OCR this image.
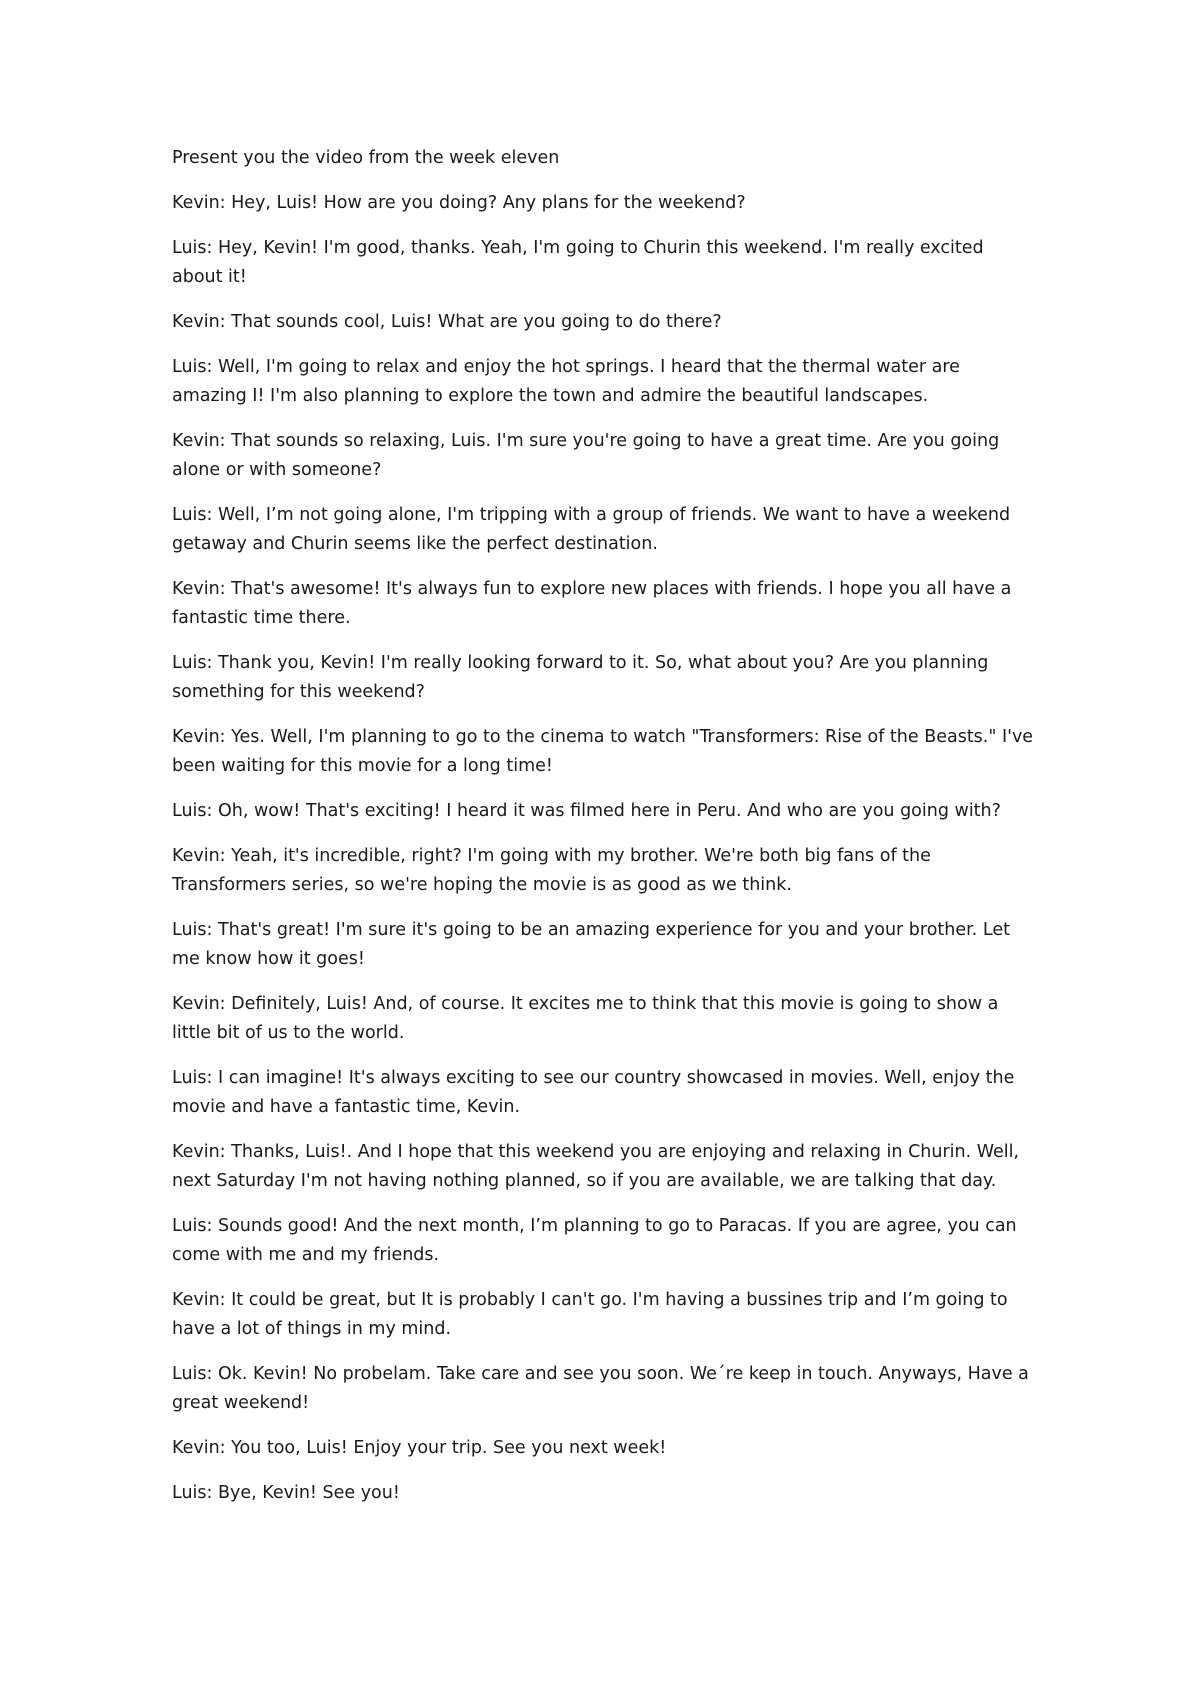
Present you the video from the week eleven

Kevin: Hey, Luis! How are you doing? Any plans for the weekend?

Luis: Hey, Kevin! I'm good, thanks. Yeah, I'm going to Churin this weekend. I'm really excited about it!

Kevin: That sounds cool, Luis! What are you going to do there?

Luis: Well, I'm going to relax and enjoy the hot springs. I heard that the thermal water are amazing I! I'm also planning to explore the town and admire the beautiful landscapes.

Kevin: That sounds so relaxing, Luis. I'm sure you're going to have a great time. Are you going alone or with someone?

Luis: Well, I’m not going alone, I'm tripping with a group of friends. We want to have a weekend getaway and Churin seems like the perfect destination.

Kevin: That's awesome! It's always fun to explore new places with friends. I hope you all have a fantastic time there.

Luis: Thank you, Kevin! I'm really looking forward to it. So, what about you? Are you planning something for this weekend?

Kevin: Yes. Well, I'm planning to go to the cinema to watch "Transformers: Rise of the Beasts." I've been waiting for this movie for a long time!

Luis: Oh, wow! That's exciting! I heard it was filmed here in Peru. And who are you going with?

Kevin: Yeah, it's incredible, right? I'm going with my brother. We're both big fans of the Transformers series, so we're hoping the movie is as good as we think.

Luis: That's great! I'm sure it's going to be an amazing experience for you and your brother. Let me know how it goes!

Kevin: Definitely, Luis! And, of course. It excites me to think that this movie is going to show a little bit of us to the world.

Luis: I can imagine! It's always exciting to see our country showcased in movies. Well, enjoy the movie and have a fantastic time, Kevin.

Kevin: Thanks, Luis!. And I hope that this weekend you are enjoying and relaxing in Churin. Well, next Saturday I'm not having nothing planned, so if you are available, we are talking that day.

Luis: Sounds good! And the next month, I’m planning to go to Paracas. If you are agree, you can come with me and my friends.

Kevin: It could be great, but It is probably I can't go. I'm having a bussines trip and I’m going to have a lot of things in my mind.

Luis: Ok. Kevin! No probelam. Take care and see you soon. We´re keep in touch. Anyways, Have a great weekend!

Kevin: You too, Luis! Enjoy your trip. See you next week!

Luis: Bye, Kevin! See you!
